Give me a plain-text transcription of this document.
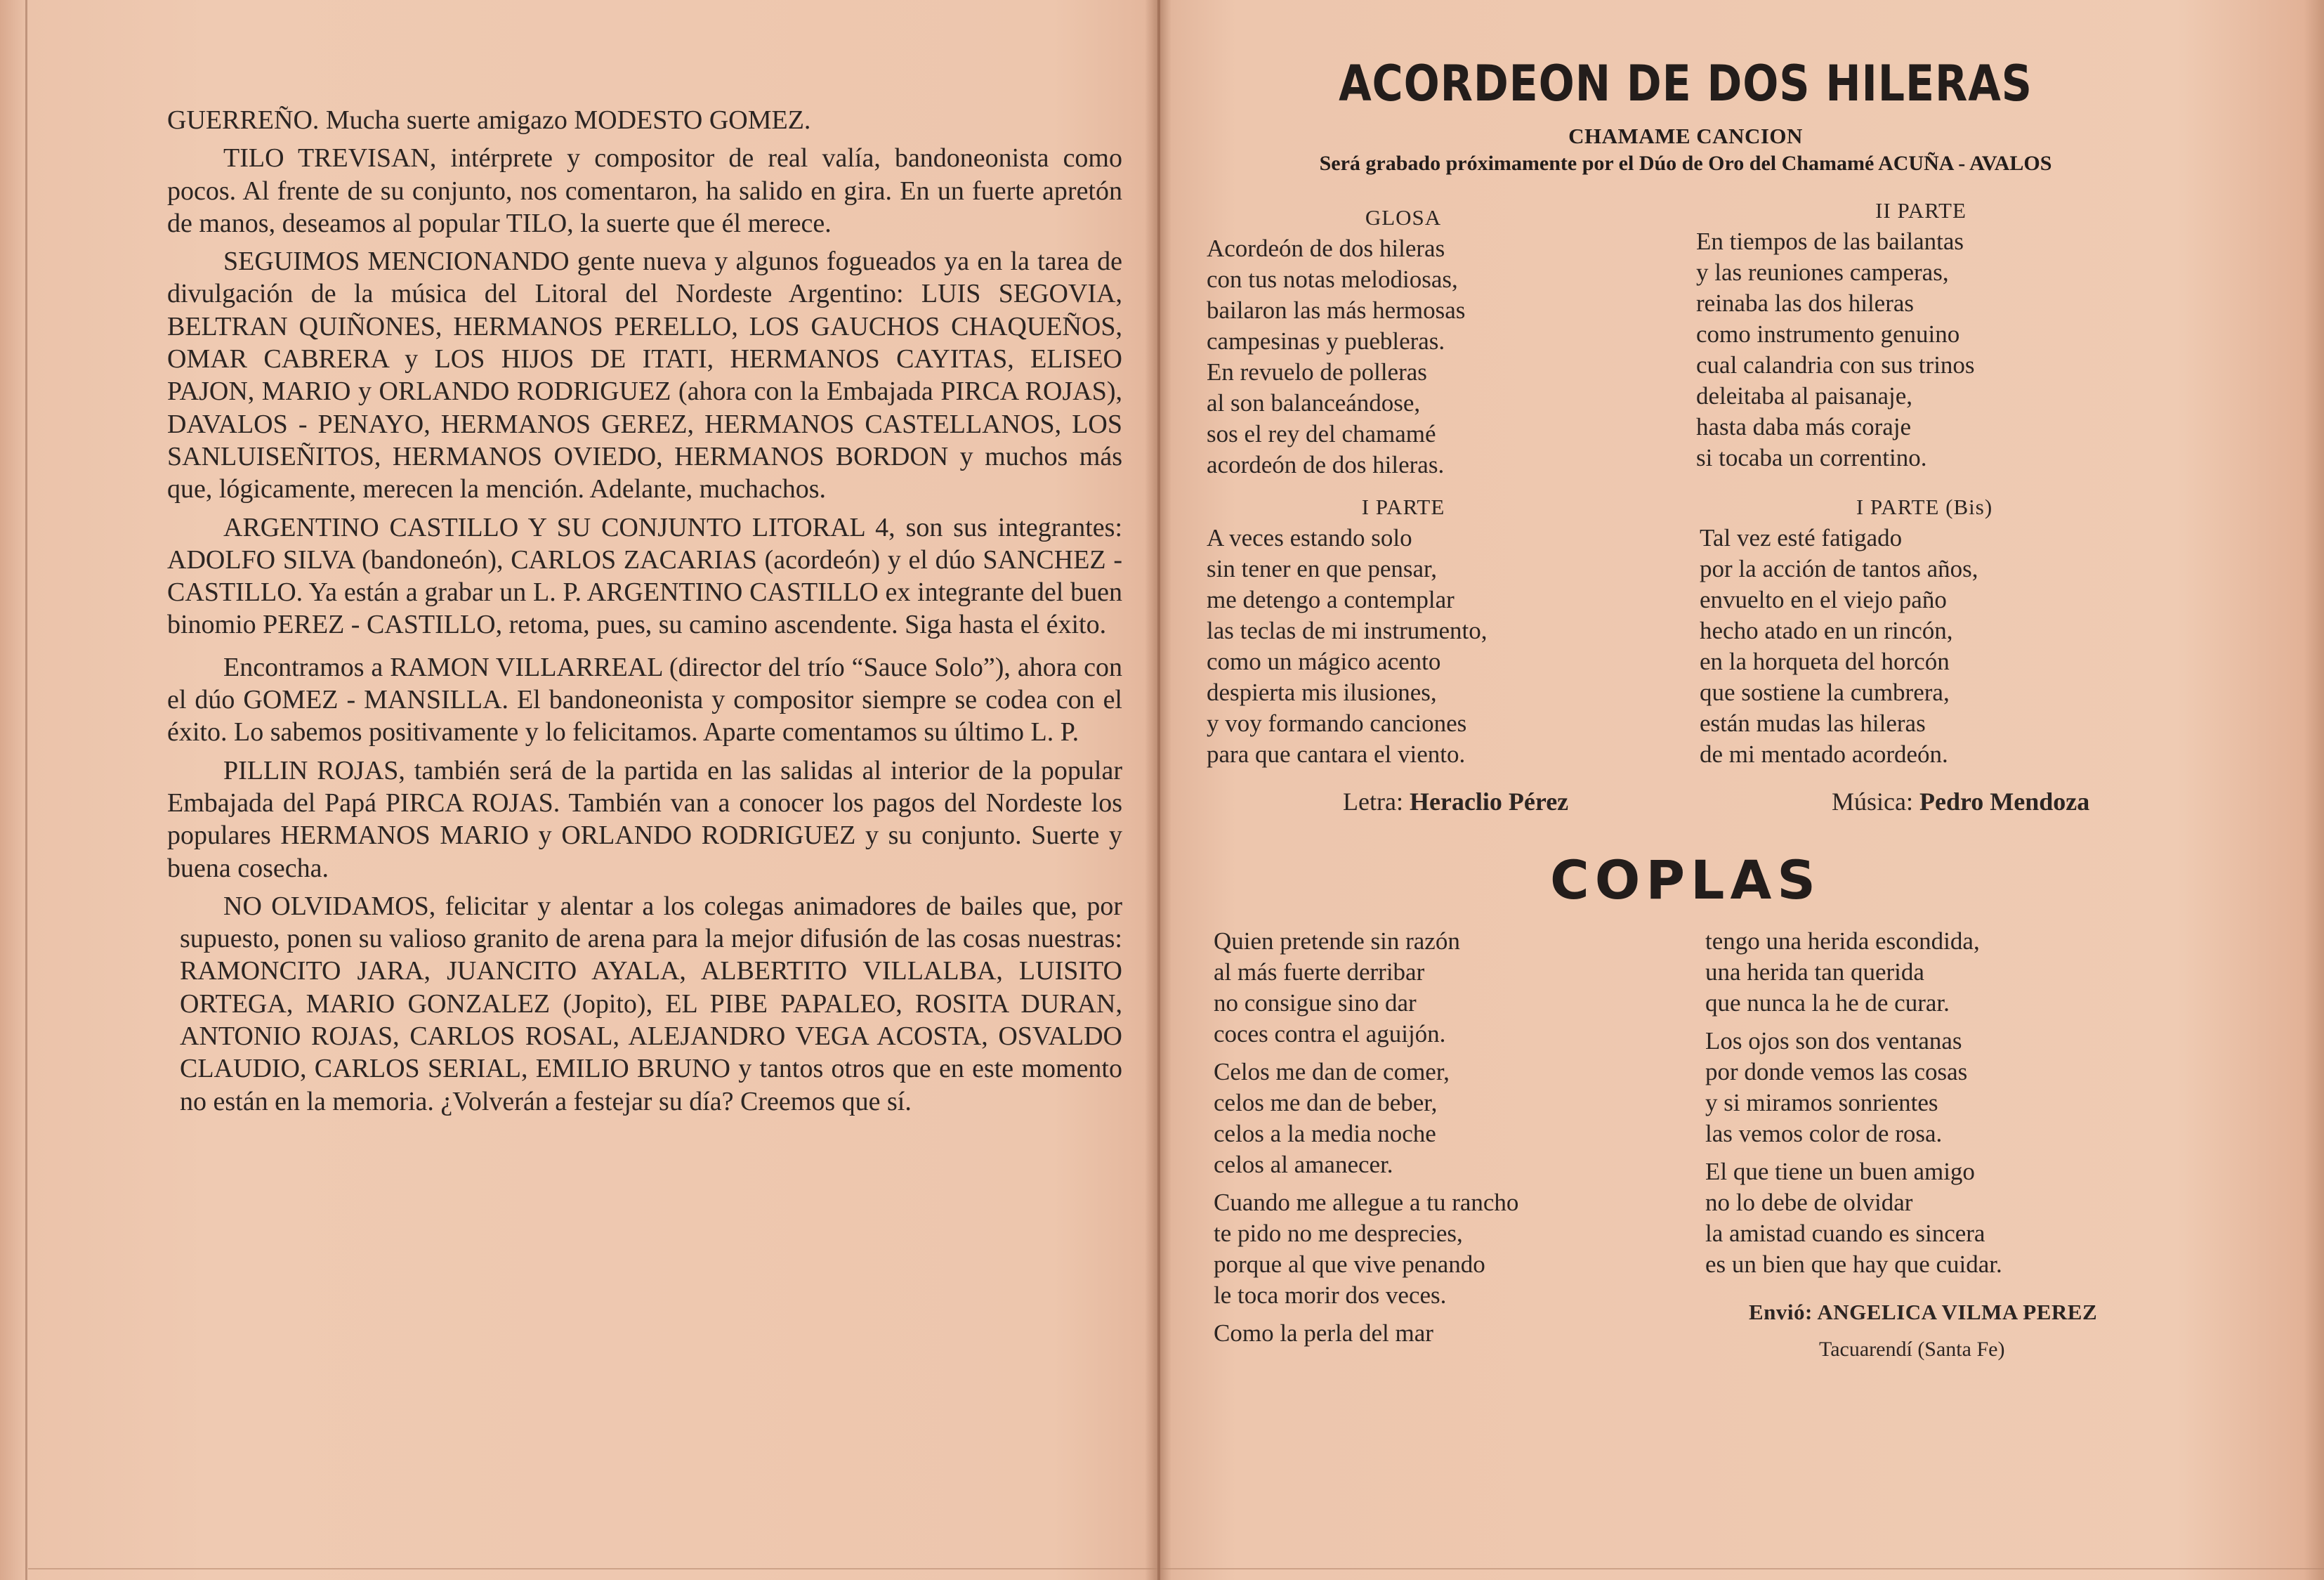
GUERREÑO. Mucha suerte amigazo MODESTO GOMEZ.

TILO TREVISAN, intérprete y compositor de real valía, bandoneonista como pocos. Al frente de su conjunto, nos comentaron, ha salido en gira. En un fuerte apretón de manos, deseamos al popular TILO, la suerte que él merece.

SEGUIMOS MENCIONANDO gente nueva y algunos fogueados ya en la tarea de divulgación de la música del Litoral del Nordeste Argentino: LUIS SEGOVIA, BELTRAN QUIÑONES, HERMANOS PERELLO, LOS GAUCHOS CHAQUEÑOS, OMAR CABRERA y LOS HIJOS DE ITATI, HERMANOS CAYITAS, ELISEO PAJON, MARIO y ORLANDO RODRIGUEZ (ahora con la Embajada PIRCA ROJAS), DAVALOS - PENAYO, HERMANOS GEREZ, HERMANOS CASTELLANOS, LOS SANLUISEÑITOS, HERMANOS OVIEDO, HERMANOS BORDON y muchos más que, lógicamente, merecen la mención. Adelante, muchachos.

ARGENTINO CASTILLO Y SU CONJUNTO LITORAL 4, son sus integrantes: ADOLFO SILVA (bandoneón), CARLOS ZACARIAS (acordeón) y el dúo SANCHEZ - CASTILLO. Ya están a grabar un L. P. ARGENTINO CASTILLO ex integrante del buen binomio PEREZ - CASTILLO, retoma, pues, su camino ascendente. Siga hasta el éxito.

Encontramos a RAMON VILLARREAL (director del trío “Sauce Solo”), ahora con el dúo GOMEZ - MANSILLA. El bandoneonista y compositor siempre se codea con el éxito. Lo sabemos positivamente y lo felicitamos. Aparte comentamos su último L. P.

PILLIN ROJAS, también será de la partida en las salidas al interior de la popular Embajada del Papá PIRCA ROJAS. También van a conocer los pagos del Nordeste los populares HERMANOS MARIO y ORLANDO RODRIGUEZ y su conjunto. Suerte y buena cosecha.

NO OLVIDAMOS, felicitar y alentar a los colegas animadores de bailes que, por supuesto, ponen su valioso granito de arena para la mejor difusión de las cosas nuestras: RAMONCITO JARA, JUANCITO AYALA, ALBERTITO VILLALBA, LUISITO ORTEGA, MARIO GONZALEZ (Jopito), EL PIBE PAPALEO, ROSITA DURAN, ANTONIO ROJAS, CARLOS ROSAL, ALEJANDRO VEGA ACOSTA, OSVALDO CLAUDIO, CARLOS SERIAL, EMILIO BRUNO y tantos otros que en este momento no están en la memoria. ¿Volverán a festejar su día? Creemos que sí.

ACORDEON DE DOS HILERAS
CHAMAME CANCION
Será grabado próximamente por el Dúo de Oro del Chamamé ACUÑA - AVALOS
GLOSA
Acordeón de dos hileras
con tus notas melodiosas,
bailaron las más hermosas
campesinas y puebleras.
En revuelo de polleras
al son balanceándose,
sos el rey del chamamé
acordeón de dos hileras.
I PARTE
A veces estando solo
sin tener en que pensar,
me detengo a contemplar
las teclas de mi instrumento,
como un mágico acento
despierta mis ilusiones,
y voy formando canciones
para que cantara el viento.
II PARTE
En tiempos de las bailantas
y las reuniones camperas,
reinaba las dos hileras
como instrumento genuino
cual calandria con sus trinos
deleitaba al paisanaje,
hasta daba más coraje
si tocaba un correntino.
I PARTE (Bis)
Tal vez esté fatigado
por la acción de tantos años,
envuelto en el viejo paño
hecho atado en un rincón,
en la horqueta del horcón
que sostiene la cumbrera,
están mudas las hileras
de mi mentado acordeón.
Letra: Heraclio Pérez	Música: Pedro Mendoza
COPLAS
Quien pretende sin razón
al más fuerte derribar
no consigue sino dar
coces contra el aguijón.
Celos me dan de comer,
celos me dan de beber,
celos a la media noche
celos al amanecer.
Cuando me allegue a tu rancho
te pido no me desprecies,
porque al que vive penando
le toca morir dos veces.
Como la perla del mar
tengo una herida escondida,
una herida tan querida
que nunca la he de curar.
Los ojos son dos ventanas
por donde vemos las cosas
y si miramos sonrientes
las vemos color de rosa.
El que tiene un buen amigo
no lo debe de olvidar
la amistad cuando es sincera
es un bien que hay que cuidar.
Envió: ANGELICA VILMA PEREZ
Tacuarendí (Santa Fe)
